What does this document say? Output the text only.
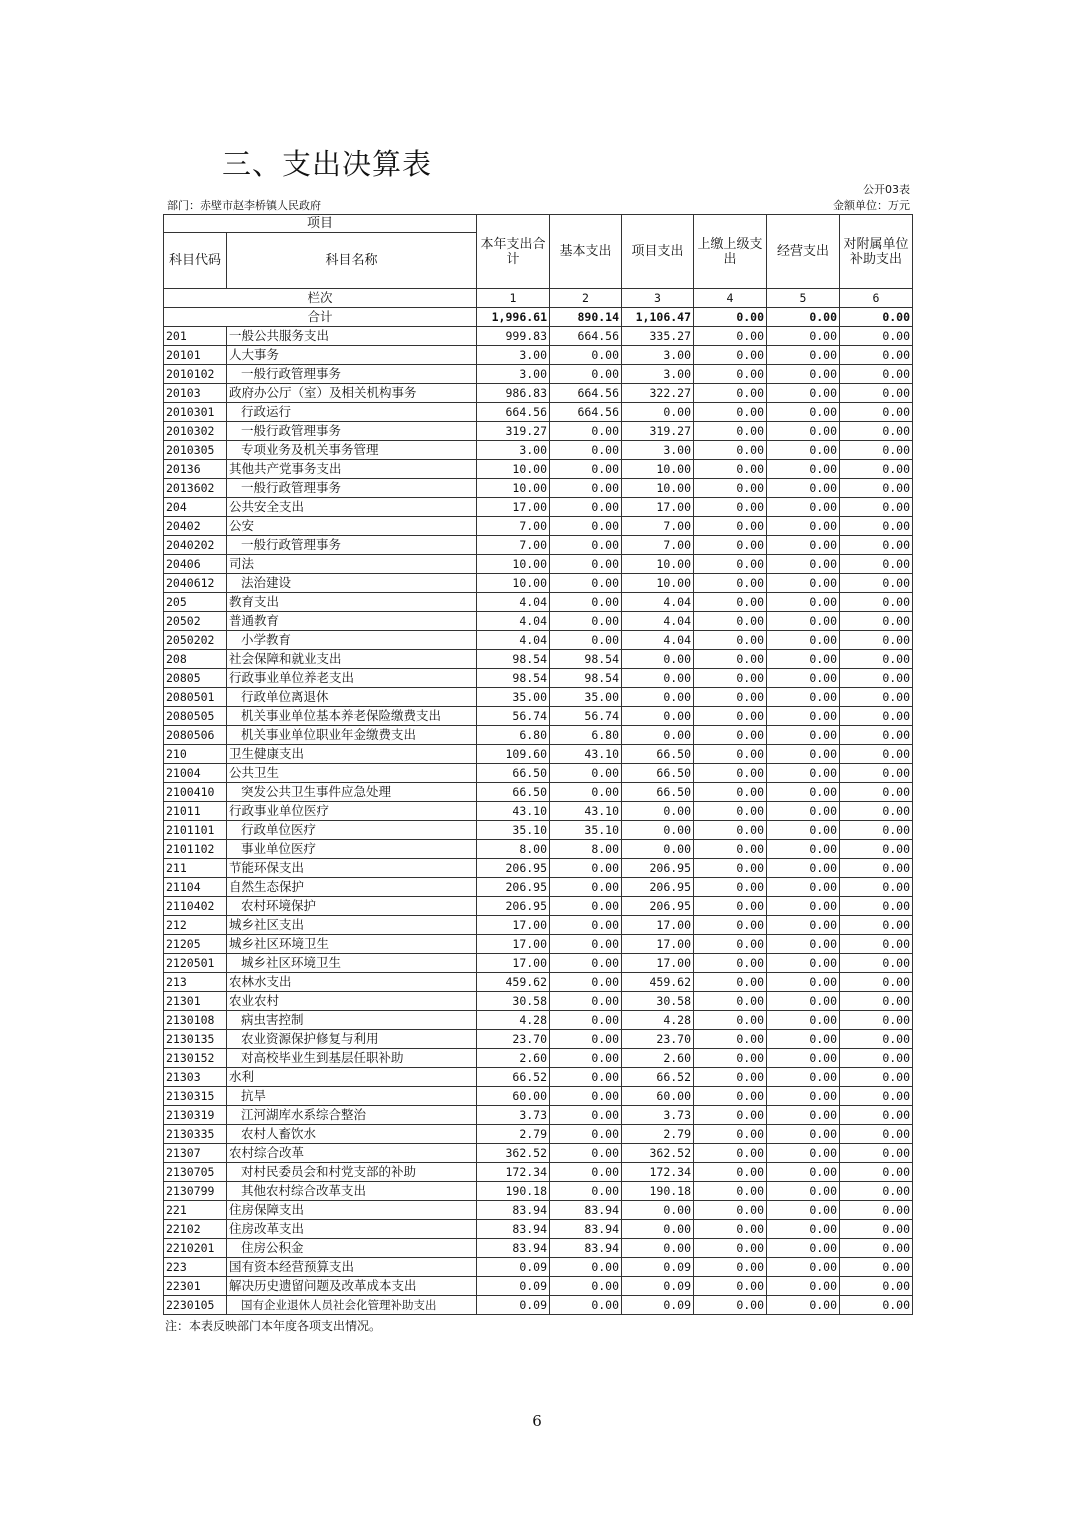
三、支出决算表
公开03表
部门：赤壁市赵李桥镇人民政府	金额单位：万元
项目		本年支出合计	基本支出	项目支出	上缴上级支出	经营支出	对附属单位补助支出
科目代码	科目名称						
栏次		1	2	3	4	5	6
合计		1,996.61	890.14	1,106.47	0.00	0.00	0.00
201	一般公共服务支出	999.83	664.56	335.27	0.00	0.00	0.00
20101	人大事务	3.00	0.00	3.00	0.00	0.00	0.00
2010102	一般行政管理事务	3.00	0.00	3.00	0.00	0.00	0.00
20103	政府办公厅（室）及相关机构事务	986.83	664.56	322.27	0.00	0.00	0.00
2010301	行政运行	664.56	664.56	0.00	0.00	0.00	0.00
2010302	一般行政管理事务	319.27	0.00	319.27	0.00	0.00	0.00
2010305	专项业务及机关事务管理	3.00	0.00	3.00	0.00	0.00	0.00
20136	其他共产党事务支出	10.00	0.00	10.00	0.00	0.00	0.00
2013602	一般行政管理事务	10.00	0.00	10.00	0.00	0.00	0.00
204	公共安全支出	17.00	0.00	17.00	0.00	0.00	0.00
20402	公安	7.00	0.00	7.00	0.00	0.00	0.00
2040202	一般行政管理事务	7.00	0.00	7.00	0.00	0.00	0.00
20406	司法	10.00	0.00	10.00	0.00	0.00	0.00
2040612	法治建设	10.00	0.00	10.00	0.00	0.00	0.00
205	教育支出	4.04	0.00	4.04	0.00	0.00	0.00
20502	普通教育	4.04	0.00	4.04	0.00	0.00	0.00
2050202	小学教育	4.04	0.00	4.04	0.00	0.00	0.00
208	社会保障和就业支出	98.54	98.54	0.00	0.00	0.00	0.00
20805	行政事业单位养老支出	98.54	98.54	0.00	0.00	0.00	0.00
2080501	行政单位离退休	35.00	35.00	0.00	0.00	0.00	0.00
2080505	机关事业单位基本养老保险缴费支出	56.74	56.74	0.00	0.00	0.00	0.00
2080506	机关事业单位职业年金缴费支出	6.80	6.80	0.00	0.00	0.00	0.00
210	卫生健康支出	109.60	43.10	66.50	0.00	0.00	0.00
21004	公共卫生	66.50	0.00	66.50	0.00	0.00	0.00
2100410	突发公共卫生事件应急处理	66.50	0.00	66.50	0.00	0.00	0.00
21011	行政事业单位医疗	43.10	43.10	0.00	0.00	0.00	0.00
2101101	行政单位医疗	35.10	35.10	0.00	0.00	0.00	0.00
2101102	事业单位医疗	8.00	8.00	0.00	0.00	0.00	0.00
211	节能环保支出	206.95	0.00	206.95	0.00	0.00	0.00
21104	自然生态保护	206.95	0.00	206.95	0.00	0.00	0.00
2110402	农村环境保护	206.95	0.00	206.95	0.00	0.00	0.00
212	城乡社区支出	17.00	0.00	17.00	0.00	0.00	0.00
21205	城乡社区环境卫生	17.00	0.00	17.00	0.00	0.00	0.00
2120501	城乡社区环境卫生	17.00	0.00	17.00	0.00	0.00	0.00
213	农林水支出	459.62	0.00	459.62	0.00	0.00	0.00
21301	农业农村	30.58	0.00	30.58	0.00	0.00	0.00
2130108	病虫害控制	4.28	0.00	4.28	0.00	0.00	0.00
2130135	农业资源保护修复与利用	23.70	0.00	23.70	0.00	0.00	0.00
2130152	对高校毕业生到基层任职补助	2.60	0.00	2.60	0.00	0.00	0.00
21303	水利	66.52	0.00	66.52	0.00	0.00	0.00
2130315	抗旱	60.00	0.00	60.00	0.00	0.00	0.00
2130319	江河湖库水系综合整治	3.73	0.00	3.73	0.00	0.00	0.00
2130335	农村人畜饮水	2.79	0.00	2.79	0.00	0.00	0.00
21307	农村综合改革	362.52	0.00	362.52	0.00	0.00	0.00
2130705	对村民委员会和村党支部的补助	172.34	0.00	172.34	0.00	0.00	0.00
2130799	其他农村综合改革支出	190.18	0.00	190.18	0.00	0.00	0.00
221	住房保障支出	83.94	83.94	0.00	0.00	0.00	0.00
22102	住房改革支出	83.94	83.94	0.00	0.00	0.00	0.00
2210201	住房公积金	83.94	83.94	0.00	0.00	0.00	0.00
223	国有资本经营预算支出	0.09	0.00	0.09	0.00	0.00	0.00
22301	解决历史遗留问题及改革成本支出	0.09	0.00	0.09	0.00	0.00	0.00
2230105	国有企业退休人员社会化管理补助支出	0.09	0.00	0.09	0.00	0.00	0.00
注：本表反映部门本年度各项支出情况。
6
